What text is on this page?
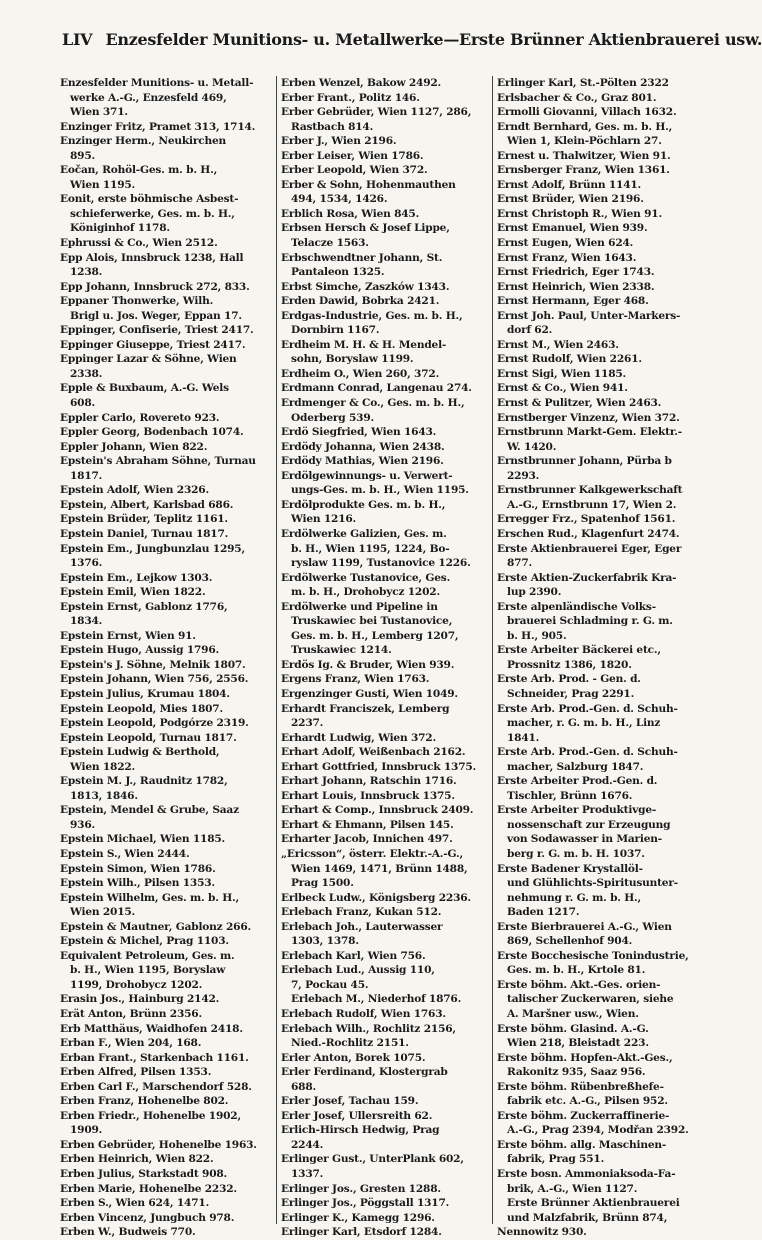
LIV Enzesfelder Munitions- u. Metallwerke—Erste Brünner Aktienbrauerei usw.
Enzesfelder Munitions- u. Metall-
werke A.-G., Enzesfeld 469,
Wien 371.
Enzinger Fritz, Pramet 313, 1714.
Enzinger Herm., Neukirchen
895.
Eočan, Rohöl-Ges. m. b. H.,
Wien 1195.
Eonit, erste böhmische Asbest-
schieferwerke, Ges. m. b. H.,
Königinhof 1178.
Ephrussi & Co., Wien 2512.
Epp Alois, Innsbruck 1238, Hall
1238.
Epp Johann, Innsbruck 272, 833.
Eppaner Thonwerke, Wilh.
Brigl u. Jos. Weger, Eppan 17.
Eppinger, Confiserie, Triest 2417.
Eppinger Giuseppe, Triest 2417.
Eppinger Lazar & Söhne, Wien
2338.
Epple & Buxbaum, A.-G. Wels
608.
Eppler Carlo, Rovereto 923.
Eppler Georg, Bodenbach 1074.
Eppler Johann, Wien 822.
Epstein's Abraham Söhne, Turnau
1817.
Epstein Adolf, Wien 2326.
Epstein, Albert, Karlsbad 686.
Epstein Brüder, Teplitz 1161.
Epstein Daniel, Turnau 1817.
Epstein Em., Jungbunzlau 1295,
1376.
Epstein Em., Lejkow 1303.
Epstein Emil, Wien 1822.
Epstein Ernst, Gablonz 1776,
1834.
Epstein Ernst, Wien 91.
Epstein Hugo, Aussig 1796.
Epstein's J. Söhne, Melnik 1807.
Epstein Johann, Wien 756, 2556.
Epstein Julius, Krumau 1804.
Epstein Leopold, Mies 1807.
Epstein Leopold, Podgórze 2319.
Epstein Leopold, Turnau 1817.
Epstein Ludwig & Berthold,
Wien 1822.
Epstein M. J., Raudnitz 1782,
1813, 1846.
Epstein, Mendel & Grube, Saaz
936.
Epstein Michael, Wien 1185.
Epstein S., Wien 2444.
Epstein Simon, Wien 1786.
Epstein Wilh., Pilsen 1353.
Epstein Wilhelm, Ges. m. b. H.,
Wien 2015.
Epstein & Mautner, Gablonz 266.
Epstein & Michel, Prag 1103.
Equivalent Petroleum, Ges. m.
b. H., Wien 1195, Boryslaw
1199, Drohobycz 1202.
Erasin Jos., Hainburg 2142.
Erät Anton, Brünn 2356.
Erb Matthäus, Waidhofen 2418.
Erban F., Wien 204, 168.
Erban Frant., Starkenbach 1161.
Erben Alfred, Pilsen 1353.
Erben Carl F., Marschendorf 528.
Erben Franz, Hohenelbe 802.
Erben Friedr., Hohenelbe 1902,
1909.
Erben Gebrüder, Hohenelbe 1963.
Erben Heinrich, Wien 822.
Erben Julius, Starkstadt 908.
Erben Marie, Hohenelbe 2232.
Erben S., Wien 624, 1471.
Erben Vincenz, Jungbuch 978.
Erben W., Budweis 770.
Erben Wenzel, Bakow 2492.
Erber Frant., Politz 146.
Erber Gebrüder, Wien 1127, 286,
Rastbach 814.
Erber J., Wien 2196.
Erber Leiser, Wien 1786.
Erber Leopold, Wien 372.
Erber & Sohn, Hohenmauthen
494, 1534, 1426.
Erblich Rosa, Wien 845.
Erbsen Hersch & Josef Lippe,
Telacze 1563.
Erbschwendtner Johann, St.
Pantaleon 1325.
Erbst Simche, Zaszków 1343.
Erden Dawid, Bobrka 2421.
Erdgas-Industrie, Ges. m. b. H.,
Dornbirn 1167.
Erdheim M. H. & H. Mendel-
sohn, Boryslaw 1199.
Erdheim O., Wien 260, 372.
Erdmann Conrad, Langenau 274.
Erdmenger & Co., Ges. m. b. H.,
Oderberg 539.
Erdö Siegfried, Wien 1643.
Erdödy Johanna, Wien 2438.
Erdödy Mathias, Wien 2196.
Erdölgewinnungs- u. Verwert-
ungs-Ges. m. b. H., Wien 1195.
Erdölprodukte Ges. m. b. H.,
Wien 1216.
Erdölwerke Galizien, Ges. m.
b. H., Wien 1195, 1224, Bo-
ryslaw 1199, Tustanovice 1226.
Erdölwerke Tustanovice, Ges.
m. b. H., Drohobycz 1202.
Erdölwerke und Pipeline in
Truskawiec bei Tustanovice,
Ges. m. b. H., Lemberg 1207,
Truskawiec 1214.
Erdös Ig. & Bruder, Wien 939.
Ergens Franz, Wien 1763.
Ergenzinger Gusti, Wien 1049.
Erhardt Franciszek, Lemberg
2237.
Erhardt Ludwig, Wien 372.
Erhart Adolf, Weißenbach 2162.
Erhart Gottfried, Innsbruck 1375.
Erhart Johann, Ratschin 1716.
Erhart Louis, Innsbruck 1375.
Erhart & Comp., Innsbruck 2409.
Erhart & Ehmann, Pilsen 145.
Erharter Jacob, Innichen 497.
„Ericsson“, österr. Elektr.-A.-G.,
Wien 1469, 1471, Brünn 1488,
Prag 1500.
Erlbeck Ludw., Königsberg 2236.
Erlebach Franz, Kukan 512.
Erlebach Joh., Lauterwasser
1303, 1378.
Erlebach Karl, Wien 756.
Erlebach Lud., Aussig 110,
7, Pockau 45.
Erlebach M., Niederhof 1876.
Erlebach Rudolf, Wien 1763.
Erlebach Wilh., Rochlitz 2156,
Nied.-Rochlitz 2151.
Erler Anton, Borek 1075.
Erler Ferdinand, Klostergrab
688.
Erler Josef, Tachau 159.
Erler Josef, Ullersreith 62.
Erlich-Hirsch Hedwig, Prag
2244.
Erlinger Gust., UnterPlank 602,
1337.
Erlinger Jos., Gresten 1288.
Erlinger Jos., Pöggstall 1317.
Erlinger K., Kamegg 1296.
Erlinger Karl, Etsdorf 1284.
Erlinger Karl, St.-Pölten 2322
Erlsbacher & Co., Graz 801.
Ermolli Giovanni, Villach 1632.
Erndt Bernhard, Ges. m. b. H.,
Wien 1, Klein-Pöchlarn 27.
Ernest u. Thalwitzer, Wien 91.
Ernsberger Franz, Wien 1361.
Ernst Adolf, Brünn 1141.
Ernst Brüder, Wien 2196.
Ernst Christoph R., Wien 91.
Ernst Emanuel, Wien 939.
Ernst Eugen, Wien 624.
Ernst Franz, Wien 1643.
Ernst Friedrich, Eger 1743.
Ernst Heinrich, Wien 2338.
Ernst Hermann, Eger 468.
Ernst Joh. Paul, Unter-Markers-
dorf 62.
Ernst M., Wien 2463.
Ernst Rudolf, Wien 2261.
Ernst Sigi, Wien 1185.
Ernst & Co., Wien 941.
Ernst & Pulitzer, Wien 2463.
Ernstberger Vinzenz, Wien 372.
Ernstbrunn Markt-Gem. Elektr.-
W. 1420.
Ernstbrunner Johann, Pürba b
2293.
Ernstbrunner Kalkgewerkschaft
A.-G., Ernstbrunn 17, Wien 2.
Erregger Frz., Spatenhof 1561.
Erschen Rud., Klagenfurt 2474.
Erste Aktienbrauerei Eger, Eger
877.
Erste Aktien-Zuckerfabrik Kra-
lup 2390.
Erste alpenländische Volks-
brauerei Schladming r. G. m.
b. H., 905.
Erste Arbeiter Bäckerei etc.,
Prossnitz 1386, 1820.
Erste Arb. Prod. - Gen. d.
Schneider, Prag 2291.
Erste Arb. Prod.-Gen. d. Schuh-
macher, r. G. m. b. H., Linz
1841.
Erste Arb. Prod.-Gen. d. Schuh-
macher, Salzburg 1847.
Erste Arbeiter Prod.-Gen. d.
Tischler, Brünn 1676.
Erste Arbeiter Produktivge-
nossenschaft zur Erzeugung
von Sodawasser in Marien-
berg r. G. m. b. H. 1037.
Erste Badener Krystallöl-
und Glühlichts-Spiritusunter-
nehmung r. G. m. b. H.,
Baden 1217.
Erste Bierbrauerei A.-G., Wien
869, Schellenhof 904.
Erste Bocchesische Tonindustrie,
Ges. m. b. H., Krtole 81.
Erste böhm. Akt.-Ges. orien-
talischer Zuckerwaren, siehe
A. Maršner usw., Wien.
Erste böhm. Glasind. A.-G.
Wien 218, Bleistadt 223.
Erste böhm. Hopfen-Akt.-Ges.,
Rakonitz 935, Saaz 956.
Erste böhm. Rübenbreßhefe-
fabrik etc. A.-G., Pilsen 952.
Erste böhm. Zuckerraffinerie-
A.-G., Prag 2394, Modřan 2392.
Erste böhm. allg. Maschinen-
fabrik, Prag 551.
Erste bosn. Ammoniaksoda-Fa-
brik, A.-G., Wien 1127.
Erste Brünner Aktienbrauerei
und Malzfabrik, Brünn 874,
Nennowitz 930.
